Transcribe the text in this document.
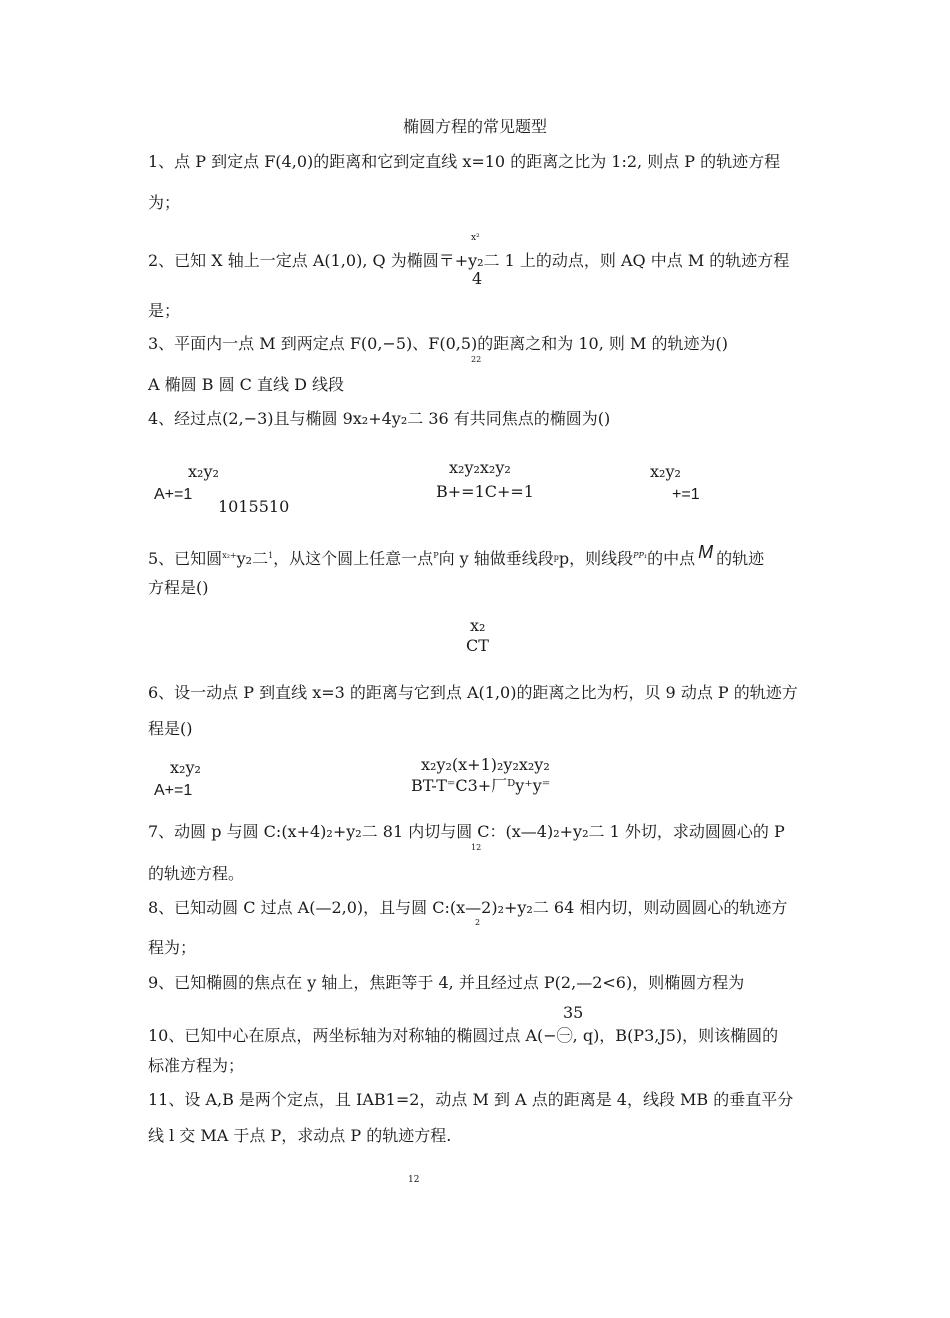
椭圆方程的常见题型
1、点 P 到定点 F(4,0)的距离和它到定直线 x=10 的距离之比为 1:2, 则点 P 的轨迹方程
为；
x²
2、已知 X 轴上一定点 A(1,0), Q 为椭圆〒+y₂二 1 上的动点，则 AQ 中点 M 的轨迹方程
4
是；
3、平面内一点 M 到两定点 F(0,−5)、F(0,5)的距离之和为 10, 则 M 的轨迹为()
22
A 椭圆 B 圆 C 直线 D 线段
4、经过点(2,−3)且与椭圆 9x₂+4y₂二 36 有共同焦点的椭圆为()
x₂y₂
A+=1
1015510
x₂y₂x₂y₂
B+=1C+=1
x₂y₂
+=1
5、已知圆$^{x_2+}$y₂二$^1$，从这个圆上任意一点$^P$向 y 轴做垂线段$^p$p，则线段$^{PP_1}$的中点 M 的轨迹
方程是()
x₂
CT
6、设一动点 P 到直线 x=3 的距离与它到点 A(1,0)的距离之比为朽，贝 9 动点 P 的轨迹方
程是()
x₂y₂
A+=1
x₂y₂(x+1)₂y₂x₂y₂
BT-T⁼C3+厂ᴰy⁺y⁼
7、动圆 p 与圆 C:(x+4)₂+y₂二 81 内切与圆 C：(x—4)₂+y₂二 1 外切，求动圆圆心的 P
12
的轨迹方程。
8、已知动圆 C 过点 A(—2,0)，且与圆 C:(x—2)₂+y₂二 64 相内切，则动圆圆心的轨迹方
2
程为；
9、已知椭圆的焦点在 y 轴上，焦距等于 4, 并且经过点 P(2,—2<6)，则椭圆方程为
35
10、已知中心在原点，两坐标轴为对称轴的椭圆过点 A(−㊀, q)，B(P3,J5)，则该椭圆的
标准方程为；
11、设 A,B 是两个定点，且 IAB1=2，动点 M 到 A 点的距离是 4，线段 MB 的垂直平分
线 l 交 MA 于点 P，求动点 P 的轨迹方程.
12
